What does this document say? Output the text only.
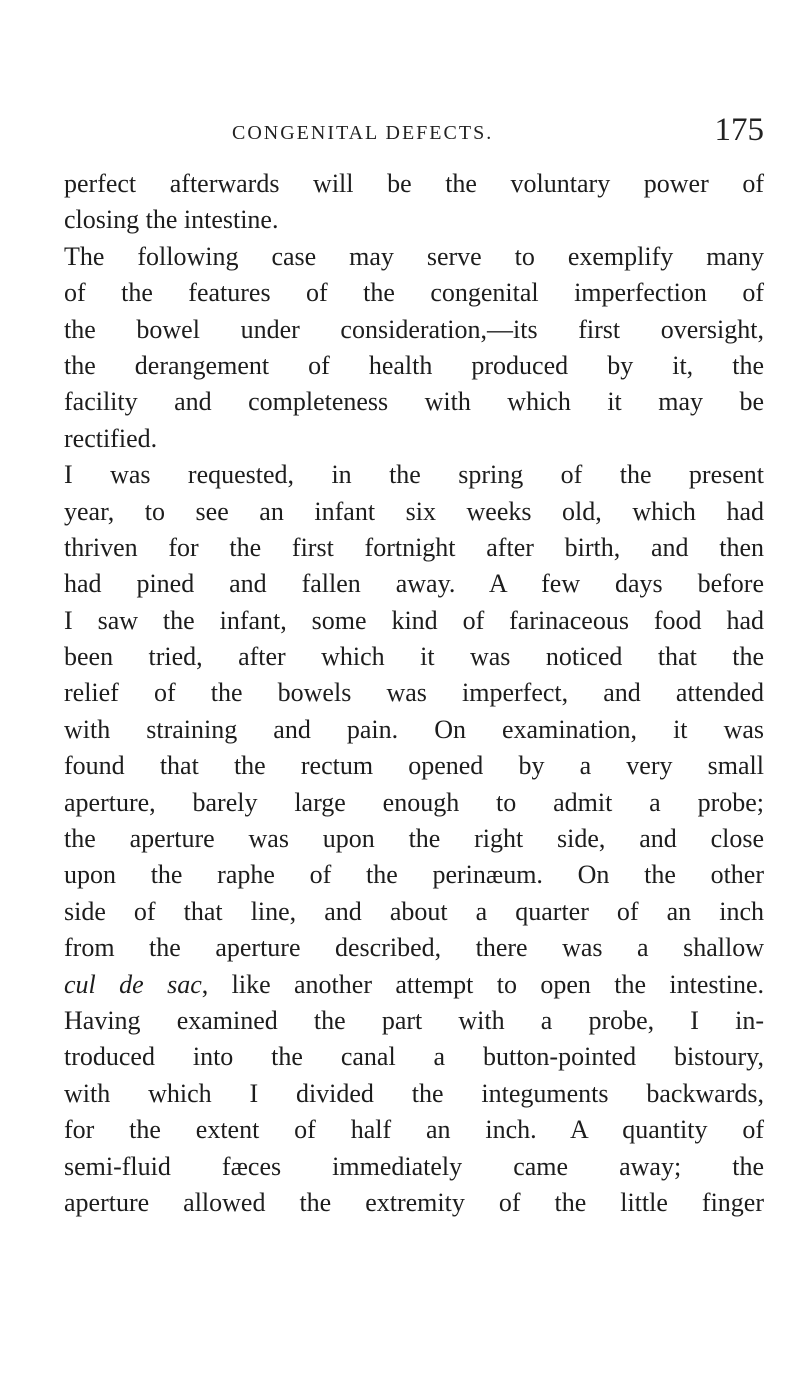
CONGENITAL DEFECTS.	175
perfect afterwards will be the voluntary power of
closing the intestine.
The following case may serve to exemplify many
of the features of the congenital imperfection of
the bowel under consideration,—its first oversight,
the derangement of health produced by it, the
facility and completeness with which it may be
rectified.
I was requested, in the spring of the present
year, to see an infant six weeks old, which had
thriven for the first fortnight after birth, and then
had pined and fallen away. A few days before
I saw the infant, some kind of farinaceous food had
been tried, after which it was noticed that the
relief of the bowels was imperfect, and attended
with straining and pain. On examination, it was
found that the rectum opened by a very small
aperture, barely large enough to admit a probe;
the aperture was upon the right side, and close
upon the raphe of the perinæum. On the other
side of that line, and about a quarter of an inch
from the aperture described, there was a shallow
cul de sac, like another attempt to open the intestine.
Having examined the part with a probe, I in-
troduced into the canal a button-pointed bistoury,
with which I divided the integuments backwards,
for the extent of half an inch. A quantity of
semi-fluid fæces immediately came away; the
aperture allowed the extremity of the little finger
